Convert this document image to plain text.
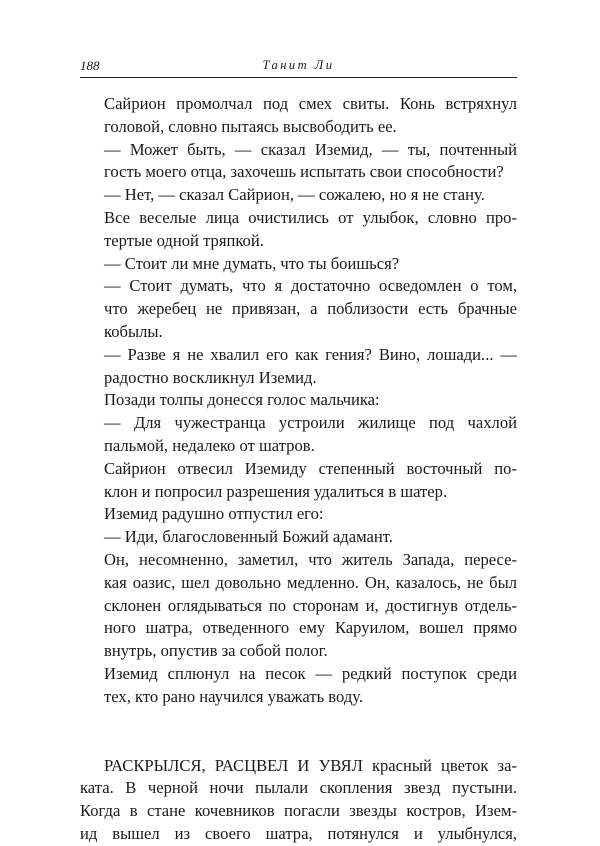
188	Танит Ли

Сайрион промолчал под смех свиты. Конь встряхнул
головой, словно пытаясь высвободить ее.

— Может быть, — сказал Иземид, — ты, почтенный
гость моего отца, захочешь испытать свои способности?

— Нет, — сказал Сайрион, — сожалею, но я не стану.

Все веселые лица очистились от улыбок, словно про-
тертые одной тряпкой.

— Стоит ли мне думать, что ты боишься?

— Стоит думать, что я достаточно осведомлен о том,
что жеребец не привязан, а поблизости есть брачные
кобылы.

— Разве я не хвалил его как гения? Вино, лошади... —
радостно воскликнул Иземид.

Позади толпы донесся голос мальчика:

— Для чужестранца устроили жилище под чахлой
пальмой, недалеко от шатров.

Сайрион отвесил Иземиду степенный восточный по-
клон и попросил разрешения удалиться в шатер.

Иземид радушно отпустил его:

— Иди, благословенный Божий адамант.

Он, несомненно, заметил, что житель Запада, пересе-
кая оазис, шел довольно медленно. Он, казалось, не был
склонен оглядываться по сторонам и, достигнув отдель-
ного шатра, отведенного ему Каруилом, вошел прямо
внутрь, опустив за собой полог.

Иземид сплюнул на песок — редкий поступок среди
тех, кто рано научился уважать воду.

РАСКРЫЛСЯ, РАСЦВЕЛ И УВЯЛ красный цветок за-
ката. В черной ночи пылали скопления звезд пустыни.
Когда в стане кочевников погасли звезды костров, Изем-
ид вышел из своего шатра, потянулся и улыбнулся,
